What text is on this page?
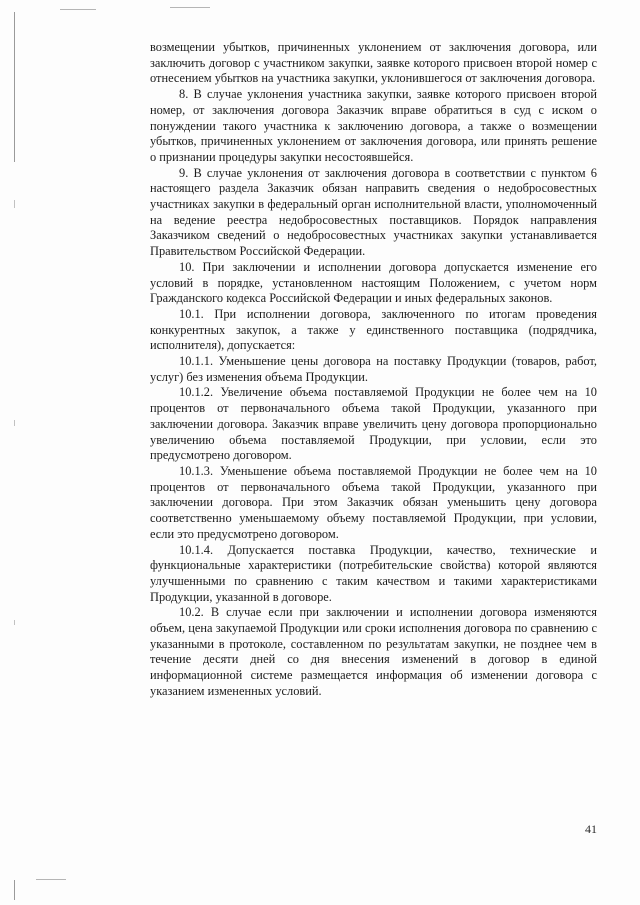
возмещении убытков, причиненных уклонением от заключения договора, или заключить договор с участником закупки, заявке которого присвоен второй номер с отнесением убытков на участника закупки, уклонившегося от заключения договора.

8. В случае уклонения участника закупки, заявке которого присвоен второй номер, от заключения договора Заказчик вправе обратиться в суд с иском о понуждении такого участника к заключению договора, а также о возмещении убытков, причиненных уклонением от заключения договора, или принять решение о признании процедуры закупки несостоявшейся.

9. В случае уклонения от заключения договора в соответствии с пунктом 6 настоящего раздела Заказчик обязан направить сведения о недобросовестных участниках закупки в федеральный орган исполнительной власти, уполномоченный на ведение реестра недобросовестных поставщиков. Порядок направления Заказчиком сведений о недобросовестных участниках закупки устанавливается Правительством Российской Федерации.

10. При заключении и исполнении договора допускается изменение его условий в порядке, установленном настоящим Положением, с учетом норм Гражданского кодекса Российской Федерации и иных федеральных законов.

10.1. При исполнении договора, заключенного по итогам проведения конкурентных закупок, а также у единственного поставщика (подрядчика, исполнителя), допускается:

10.1.1. Уменьшение цены договора на поставку Продукции (товаров, работ, услуг) без изменения объема Продукции.

10.1.2. Увеличение объема поставляемой Продукции не более чем на 10 процентов от первоначального объема такой Продукции, указанного при заключении договора. Заказчик вправе увеличить цену договора пропорционально увеличению объема поставляемой Продукции, при условии, если это предусмотрено договором.

10.1.3. Уменьшение объема поставляемой Продукции не более чем на 10 процентов от первоначального объема такой Продукции, указанного при заключении договора. При этом Заказчик обязан уменьшить цену договора соответственно уменьшаемому объему поставляемой Продукции, при условии, если это предусмотрено договором.

10.1.4. Допускается поставка Продукции, качество, технические и функциональные характеристики (потребительские свойства) которой являются улучшенными по сравнению с таким качеством и такими характеристиками Продукции, указанной в договоре.

10.2. В случае если при заключении и исполнении договора изменяются объем, цена закупаемой Продукции или сроки исполнения договора по сравнению с указанными в протоколе, составленном по результатам закупки, не позднее чем в течение десяти дней со дня внесения изменений в договор в единой информационной системе размещается информация об изменении договора с указанием измененных условий.

41
